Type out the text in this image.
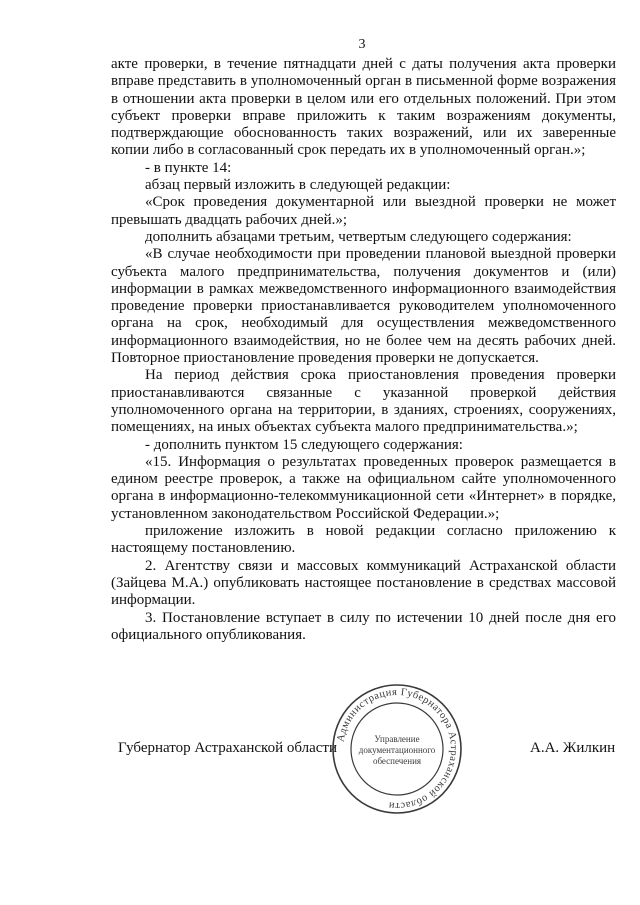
3

акте проверки, в течение пятнадцати дней с даты получения акта проверки вправе представить в уполномоченный орган в письменной форме возражения в отношении акта проверки в целом или его отдельных положений. При этом субъект проверки вправе приложить к таким возражениям документы, подтверждающие обоснованность таких возражений, или их заверенные копии либо в согласованный срок передать их в уполномоченный орган.»;

- в пункте 14:

абзац первый изложить в следующей редакции:

«Срок проведения документарной или выездной проверки не может превышать двадцать рабочих дней.»;

дополнить абзацами третьим, четвертым следующего содержания:

«В случае необходимости при проведении плановой выездной проверки субъекта малого предпринимательства, получения документов и (или) информации в рамках межведомственного информационного взаимодействия проведение проверки приостанавливается руководителем уполномоченного органа на срок, необходимый для осуществления межведомственного информационного взаимодействия, но не более чем на десять рабочих дней. Повторное приостановление проведения проверки не допускается.

На период действия срока приостановления проведения проверки приостанавливаются связанные с указанной проверкой действия уполномоченного органа на территории, в зданиях, строениях, сооружениях, помещениях, на иных объектах субъекта малого предпринимательства.»;

- дополнить пунктом 15 следующего содержания:

«15. Информация о результатах проведенных проверок размещается в едином реестре проверок, а также на официальном сайте уполномоченного органа в информационно-телекоммуникационной сети «Интернет» в порядке, установленном законодательством Российской Федерации.»;

приложение изложить в новой редакции согласно приложению к настоящему постановлению.

2. Агентству связи и массовых коммуникаций Астраханской области (Зайцева М.А.) опубликовать настоящее постановление в средствах массовой информации.

3. Постановление вступает в силу по истечении 10 дней после дня его официального опубликования.

Администрация Губернатора Астраханской области
Управление
документационного
обеспечения
Губернатор Астраханской области	А.А. Жилкин
